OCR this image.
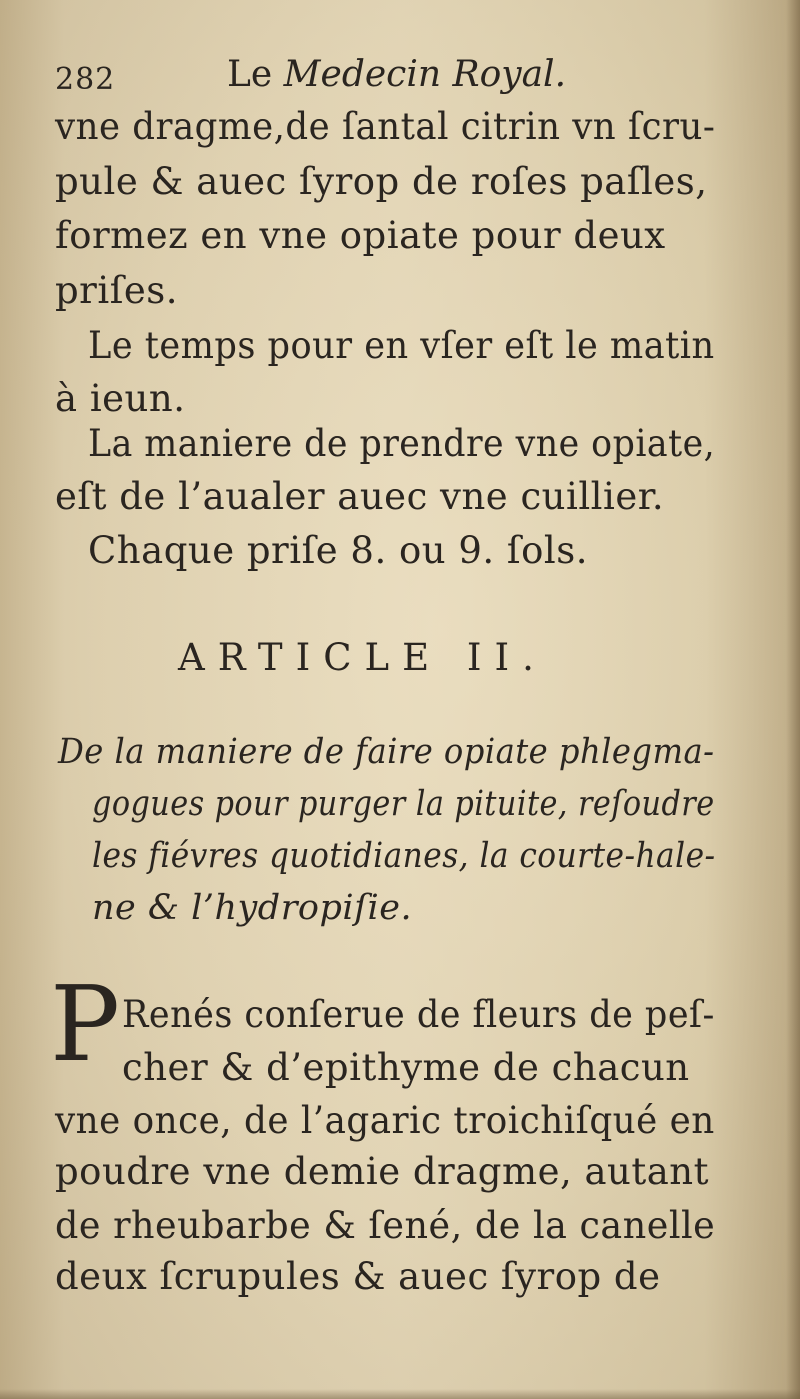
282	Le Medecin Royal.
vne dragme,de ſantal citrin vn ſcru-
pule & auec ſyrop de roſes paſles,
formez en vne opiate pour deux
priſes.
Le temps pour en vſer eſt le matin
à ieun.
La maniere de prendre vne opiate,
eſt de l’aualer auec vne cuillier.
Chaque priſe 8. ou 9. ſols.
ARTICLE II.
De la maniere de faire opiate phlegma-
gogues pour purger la pituite, reſoudre
les fiévres quotidianes, la courte-hale-
ne & l’hydropiſie.
P Renés conſerue de fleurs de peſ-
cher & d’epithyme de chacun
vne once, de l’agaric troichiſqué en
poudre vne demie dragme, autant
de rheubarbe & ſené, de la canelle
deux ſcrupules & auec ſyrop de
